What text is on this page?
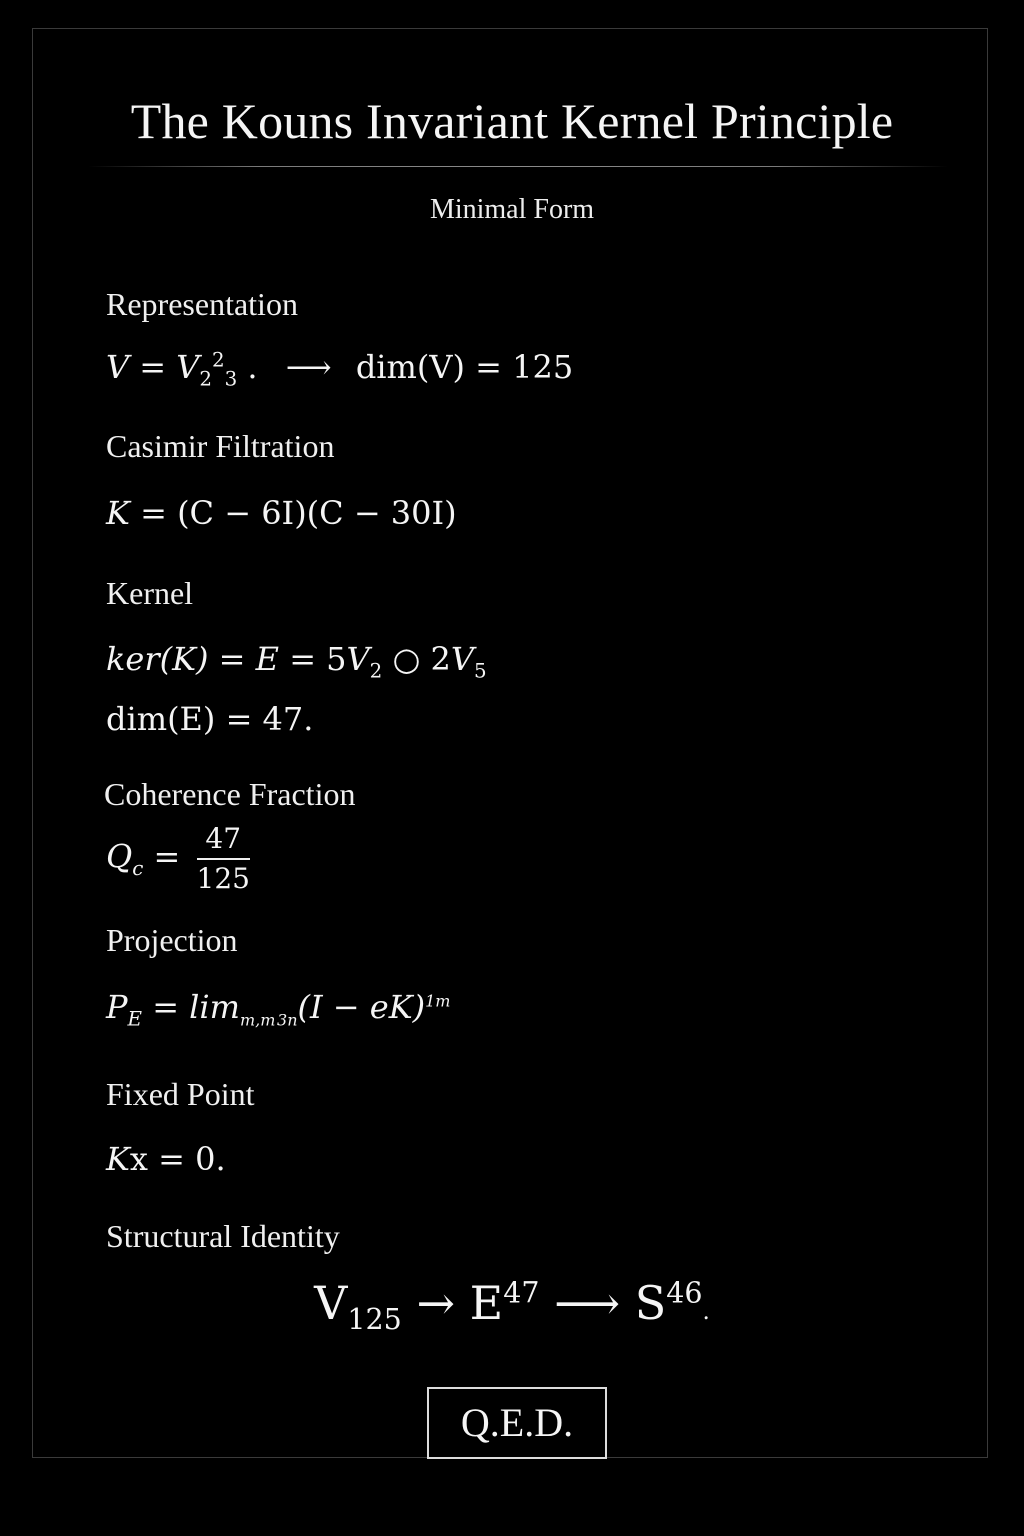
The Kouns Invariant Kernel Principle
Minimal Form
Representation
$V = V_2^2_3$ . ⟶ dim(V) = 125
Casimir Filtration
K = (C − 6I)(C − 30I)
Kernel
$ker(K) = E = 5V_2$ ○ $2V_5$
dim(E) = 47.
Coherence Fraction
$Q_c = \frac{47}{125}$
Projection
$P_E = \lim_{m,m 3n}(I - eK)^{1m}$
Fixed Point
Kx = 0.
Structural Identity
$V_{125} \to E^{47}$ ⟶ $S^{46}$.
Q.E.D.
